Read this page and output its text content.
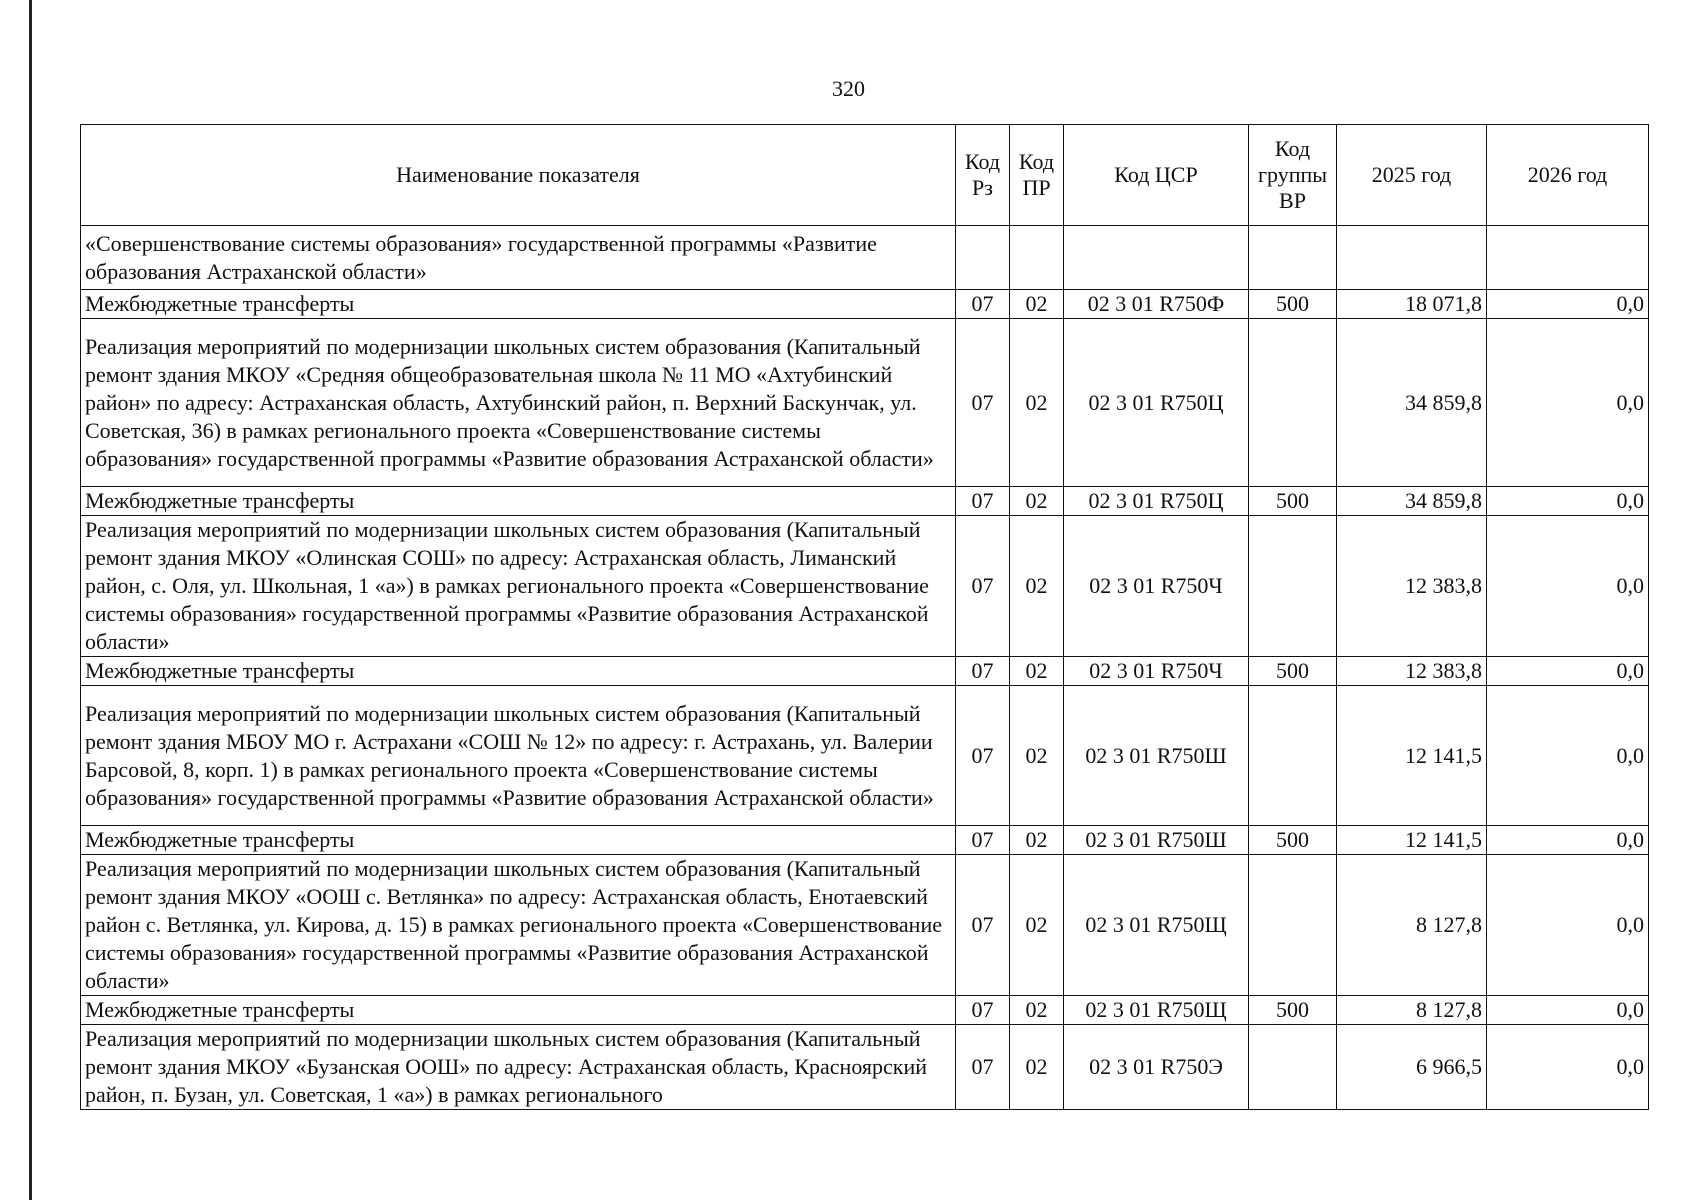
320
Наименование показателя	Код Рз	Код ПР	Код ЦСР	Код группы ВР	2025 год	2026 год
«Совершенствование системы образования» государственной программы «Развитие образования Астраханской области»						
Межбюджетные трансферты	07	02	02 3 01 R750Ф	500	18 071,8	0,0
Реализация мероприятий по модернизации школьных систем образования (Капитальный ремонт здания МКОУ «Средняя общеобразовательная школа № 11 МО «Ахтубинский район» по адресу: Астраханская область, Ахтубинский район, п. Верхний Баскунчак, ул. Советская, 36) в рамках регионального проекта «Совершенствование системы образования» государственной программы «Развитие образования Астраханской области»	07	02	02 3 01 R750Ц		34 859,8	0,0
Межбюджетные трансферты	07	02	02 3 01 R750Ц	500	34 859,8	0,0
Реализация мероприятий по модернизации школьных систем образования (Капитальный ремонт здания МКОУ «Олинская СОШ» по адресу: Астраханская область, Лиманский район, с. Оля, ул. Школьная, 1 «а») в рамках регионального проекта «Совершенствование системы образования» государственной программы «Развитие образования Астраханской области»	07	02	02 3 01 R750Ч		12 383,8	0,0
Межбюджетные трансферты	07	02	02 3 01 R750Ч	500	12 383,8	0,0
Реализация мероприятий по модернизации школьных систем образования (Капитальный ремонт здания МБОУ МО г. Астрахани «СОШ № 12» по адресу: г. Астрахань, ул. Валерии Барсовой, 8, корп. 1) в рамках регионального проекта «Совершенствование системы образования» государственной программы «Развитие образования Астраханской области»	07	02	02 3 01 R750Ш		12 141,5	0,0
Межбюджетные трансферты	07	02	02 3 01 R750Ш	500	12 141,5	0,0
Реализация мероприятий по модернизации школьных систем образования (Капитальный ремонт здания МКОУ «ООШ с. Ветлянка» по адресу: Астраханская область, Енотаевский район с. Ветлянка, ул. Кирова, д. 15) в рамках регионального проекта «Совершенствование системы образования» государственной программы «Развитие образования Астраханской области»	07	02	02 3 01 R750Щ		8 127,8	0,0
Межбюджетные трансферты	07	02	02 3 01 R750Щ	500	8 127,8	0,0
Реализация мероприятий по модернизации школьных систем образования (Капитальный ремонт здания МКОУ «Бузанская ООШ» по адресу: Астраханская область, Красноярский район, п. Бузан, ул. Советская, 1 «а») в рамках регионального	07	02	02 3 01 R750Э		6 966,5	0,0
